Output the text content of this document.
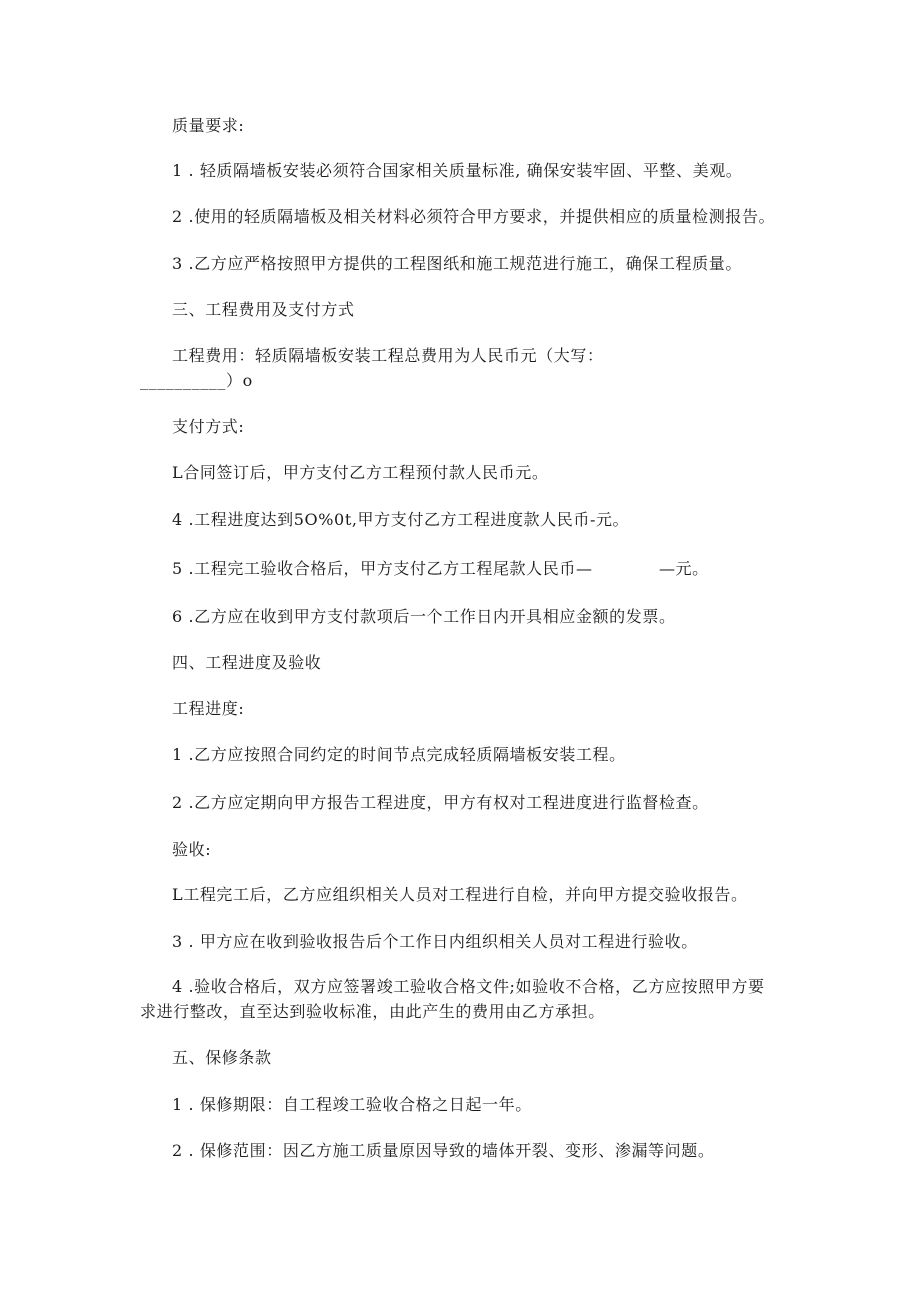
质量要求:
1 . 轻质隔墙板安装必须符合国家相关质量标准, 确保安装牢固、平整、美观。
2 .使用的轻质隔墙板及相关材料必须符合甲方要求，并提供相应的质量检测报告。
3 .乙方应严格按照甲方提供的工程图纸和施工规范进行施工，确保工程质量。
三、工程费用及支付方式
工程费用：轻质隔墙板安装工程总费用为人民币元（大写：
__________）o
支付方式:
L合同签订后，甲方支付乙方工程预付款人民币元。
4 .工程进度达到5O%0t,甲方支付乙方工程进度款人民币-元。
5 .工程完工验收合格后，甲方支付乙方工程尾款人民币—　　　　—元。
6 .乙方应在收到甲方支付款项后一个工作日内开具相应金额的发票。
四、工程进度及验收
工程进度:
1 .乙方应按照合同约定的时间节点完成轻质隔墙板安装工程。
2 .乙方应定期向甲方报告工程进度，甲方有权对工程进度进行监督检查。
验收:
L工程完工后，乙方应组织相关人员对工程进行自检，并向甲方提交验收报告。
3 . 甲方应在收到验收报告后个工作日内组织相关人员对工程进行验收。
4 .验收合格后，双方应签署竣工验收合格文件;如验收不合格，乙方应按照甲方要
求进行整改，直至达到验收标准，由此产生的费用由乙方承担。
五、保修条款
1 . 保修期限：自工程竣工验收合格之日起一年。
2 . 保修范围：因乙方施工质量原因导致的墙体开裂、变形、渗漏等问题。
